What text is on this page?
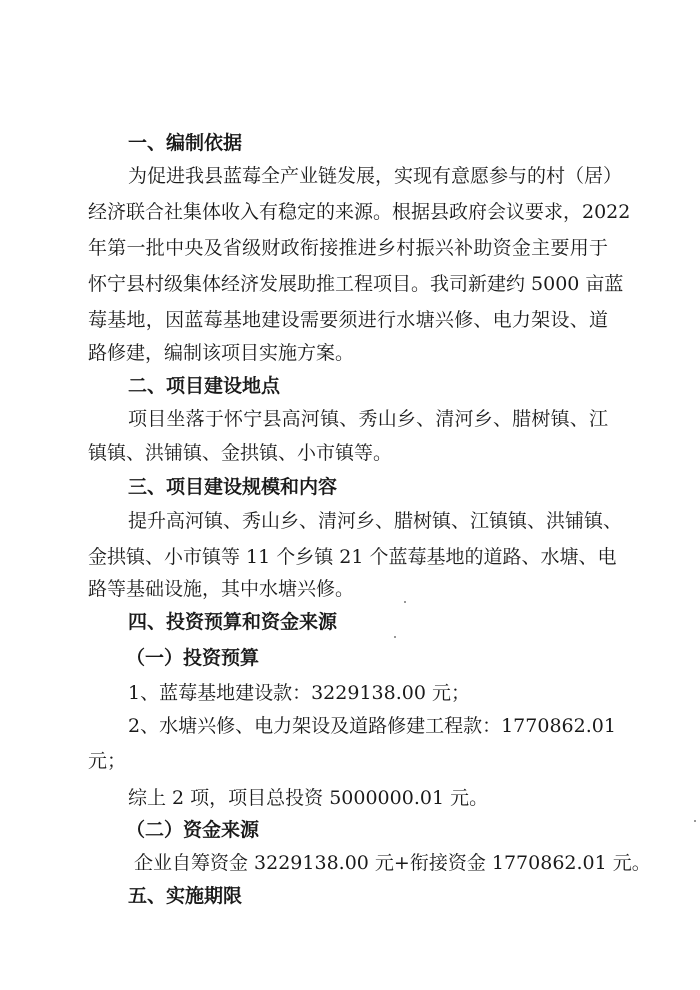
一、编制依据

为促进我县蓝莓全产业链发展，实现有意愿参与的村（居）

经济联合社集体收入有稳定的来源。根据县政府会议要求，2022

年第一批中央及省级财政衔接推进乡村振兴补助资金主要用于

怀宁县村级集体经济发展助推工程项目。我司新建约 5000 亩蓝

莓基地，因蓝莓基地建设需要须进行水塘兴修、电力架设、道

路修建，编制该项目实施方案。

二、项目建设地点

项目坐落于怀宁县高河镇、秀山乡、清河乡、腊树镇、江

镇镇、洪铺镇、金拱镇、小市镇等。

三、项目建设规模和内容

提升高河镇、秀山乡、清河乡、腊树镇、江镇镇、洪铺镇、

金拱镇、小市镇等 11 个乡镇 21 个蓝莓基地的道路、水塘、电

路等基础设施，其中水塘兴修。

四、投资预算和资金来源

（一）投资预算

1、蓝莓基地建设款：3229138.00 元；

2、水塘兴修、电力架设及道路修建工程款：1770862.01

元；

综上 2 项，项目总投资 5000000.01 元。

（二）资金来源

企业自筹资金 3229138.00 元+衔接资金 1770862.01 元。

五、实施期限
